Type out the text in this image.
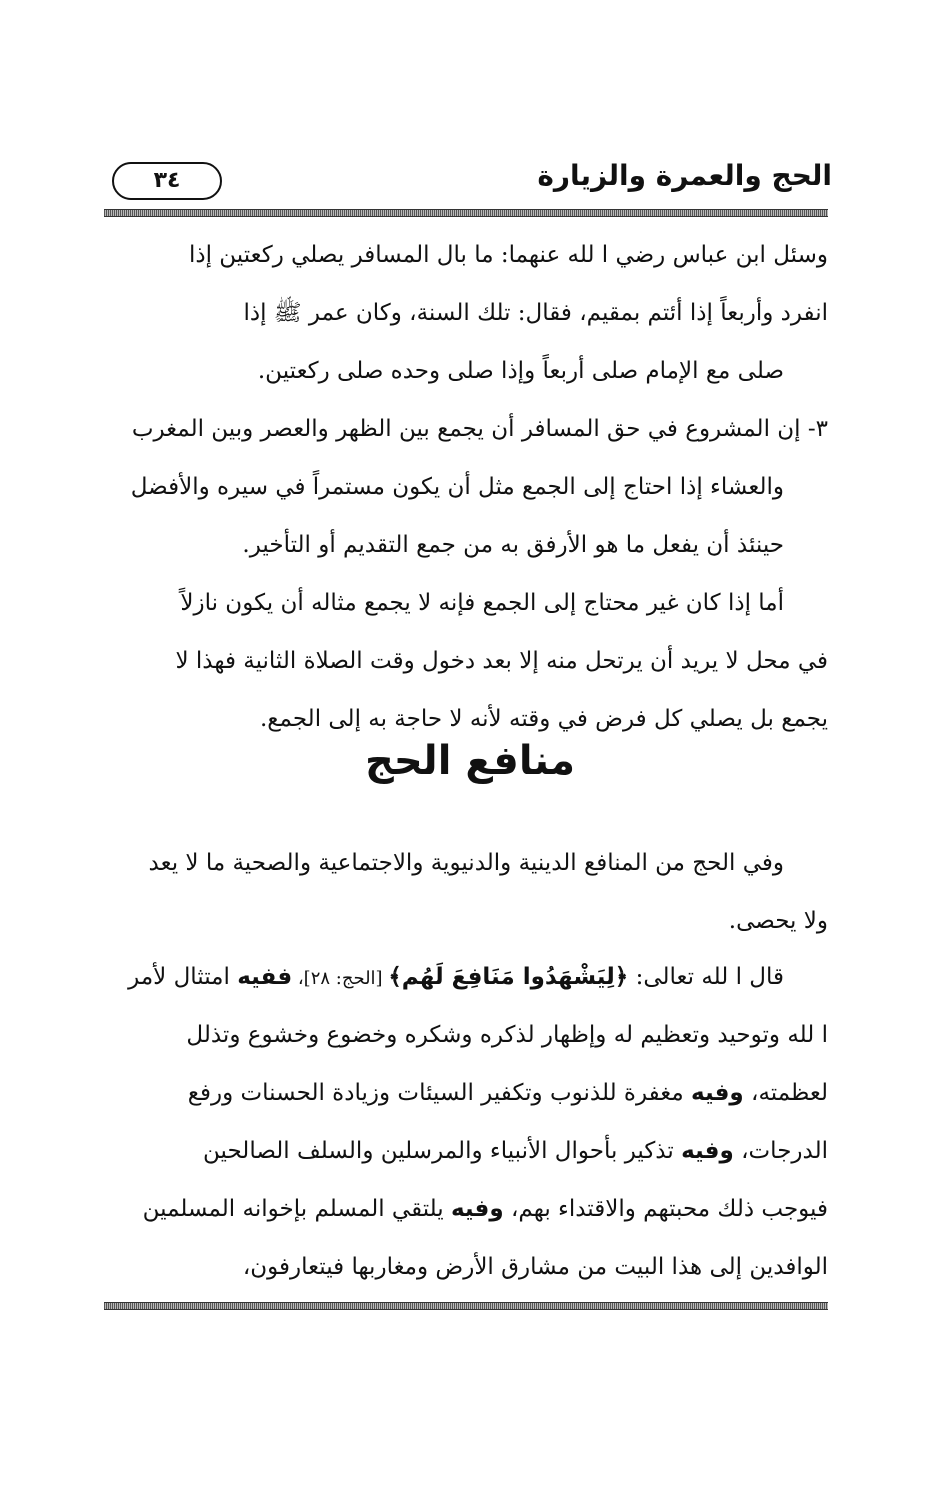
الحج والعمرة والزيارة
٣٤
وسئل ابن عباس رضي ا لله عنهما: ما بال المسافر يصلي ركعتين إذا
انفرد وأربعاً إذا أئتم بمقيم، فقال: تلك السنة، وكان عمر ﷺ إذا
صلى مع الإمام صلى أربعاً وإذا صلى وحده صلى ركعتين.
٣- إن المشروع في حق المسافر أن يجمع بين الظهر والعصر وبين المغرب
والعشاء إذا احتاج إلى الجمع مثل أن يكون مستمراً في سيره والأفضل
حينئذ أن يفعل ما هو الأرفق به من جمع التقديم أو التأخير.
أما إذا كان غير محتاج إلى الجمع فإنه لا يجمع مثاله أن يكون نازلاً
في محل لا يريد أن يرتحل منه إلا بعد دخول وقت الصلاة الثانية فهذا لا
يجمع بل يصلي كل فرض في وقته لأنه لا حاجة به إلى الجمع.
منافع الحج
وفي الحج من المنافع الدينية والدنيوية والاجتماعية والصحية ما لا يعد
ولا يحصى.
قال ا لله تعالى: ﴿لِيَشْهَدُوا مَنَافِعَ لَهُم﴾ [الحج: ٢٨]، ففيه امتثال لأمر
ا لله وتوحيد وتعظيم له وإظهار لذكره وشكره وخضوع وخشوع وتذلل
لعظمته، وفيه مغفرة للذنوب وتكفير السيئات وزيادة الحسنات ورفع
الدرجات، وفيه تذكير بأحوال الأنبياء والمرسلين والسلف الصالحين
فيوجب ذلك محبتهم والاقتداء بهم، وفيه يلتقي المسلم بإخوانه المسلمين
الوافدين إلى هذا البيت من مشارق الأرض ومغاربها فيتعارفون،
